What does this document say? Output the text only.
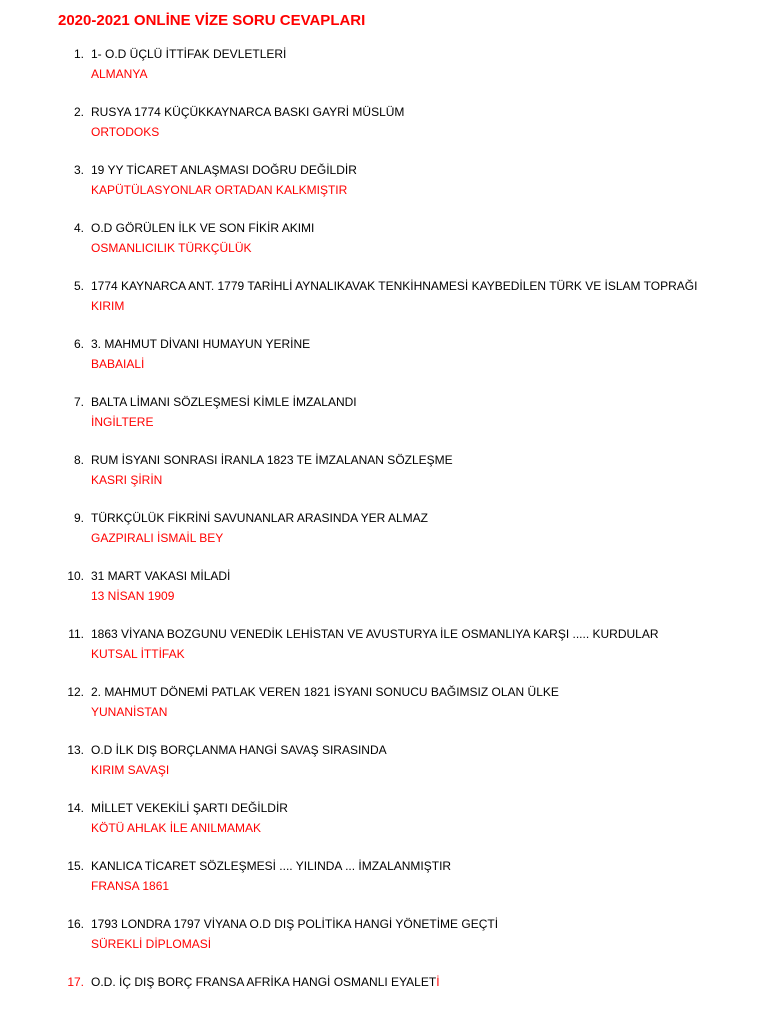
2020-2021 ONLİNE VİZE SORU CEVAPLARI
1. 1- O.D ÜÇLÜ İTTİFAK DEVLETLERİ
ALMANYA
2. RUSYA 1774 KÜÇÜKKAYNARCA BASKI GAYRİ MÜSLÜM
ORTODOKS
3. 19 YY TİCARET ANLAŞMASI DOĞRU DEĞİLDİR
KAPÜTÜLASYONLAR ORTADAN KALKMIŞTIR
4. O.D GÖRÜLEN İLK VE SON FİKİR AKIMI
OSMANLICILIK TÜRKÇÜLÜK
5. 1774 KAYNARCA ANT. 1779 TARİHLİ AYNALIKAVAK TENKİHNAMESİ KAYBEDİLEN TÜRK VE İSLAM TOPRAĞI
KIRIM
6. 3. MAHMUT DİVANI HUMAYUN YERİNE
BABAIALİ
7. BALTA LİMANI SÖZLEŞMESİ KİMLE İMZALANDI
İNGİLTERE
8. RUM İSYANI SONRASI İRANLA 1823 TE İMZALANAN SÖZLEŞME
KASRI ŞİRİN
9. TÜRKÇÜLÜK FİKRİNİ SAVUNANLAR ARASINDA YER ALMAZ
GAZPIRALI İSMAİL BEY
10. 31 MART VAKASI MİLADİ
13 NİSAN 1909
11. 1863 VİYANA BOZGUNU VENEDİK LEHİSTAN VE AVUSTURYA İLE OSMANLIYA KARŞI ..... KURDULAR
KUTSAL İTTİFAK
12. 2. MAHMUT DÖNEMİ PATLAK VEREN 1821 İSYANI SONUCU BAĞIMSIZ OLAN ÜLKE
YUNANİSTAN
13. O.D İLK DIŞ BORÇLANMA HANGİ SAVAŞ SIRASINDA
KIRIM SAVAŞI
14. MİLLET VEKEKİLİ ŞARTI DEĞİLDİR
KÖTÜ AHLAK İLE ANILMAMAK
15. KANLICA TİCARET SÖZLEŞMESİ .... YILINDA ... İMZALANMIŞTIR
FRANSA 1861
16. 1793 LONDRA 1797 VİYANA O.D DIŞ POLİTİKA HANGİ YÖNETİME GEÇTİ
SÜREKLİ DİPLOMASİ
17. O.D. İÇ DIŞ BORÇ FRANSA AFRİKA HANGİ OSMANLI EYALETİ
